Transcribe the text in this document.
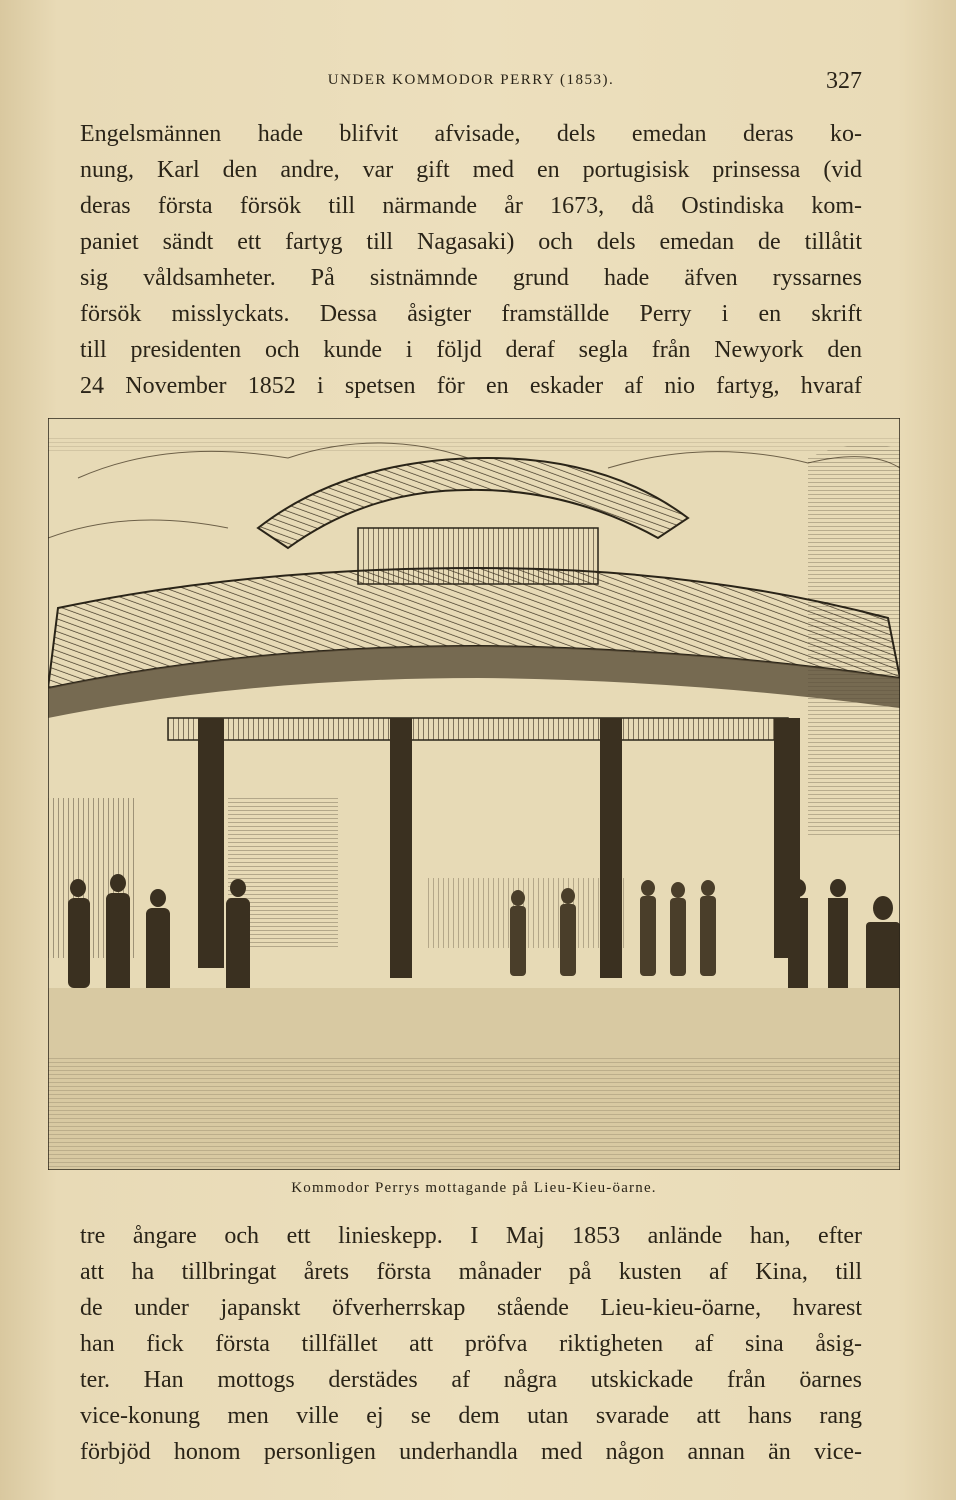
UNDER KOMMODOR PERRY (1853).	327
Engelsmännen hade blifvit afvisade, dels emedan deras ko-
nung, Karl den andre, var gift med en portugisisk prinsessa (vid
deras första försök till närmande år 1673, då Ostindiska kom-
paniet sändt ett fartyg till Nagasaki) och dels emedan de tillåtit
sig våldsamheter. På sistnämnde grund hade äfven ryssarnes
försök misslyckats. Dessa åsigter framställde Perry i en skrift
till presidenten och kunde i följd deraf segla från Newyork den
24 November 1852 i spetsen för en eskader af nio fartyg, hvaraf
Kommodor Perrys mottagande på Lieu-Kieu-öarne.
tre ångare och ett linieskepp. I Maj 1853 anlände han, efter
att ha tillbringat årets första månader på kusten af Kina, till
de under japanskt öfverherrskap stående Lieu-kieu-öarne, hvarest
han fick första tillfället att pröfva riktigheten af sina åsig-
ter. Han mottogs derstädes af några utskickade från öarnes
vice-konung men ville ej se dem utan svarade att hans rang
förbjöd honom personligen underhandla med någon annan än vice-
